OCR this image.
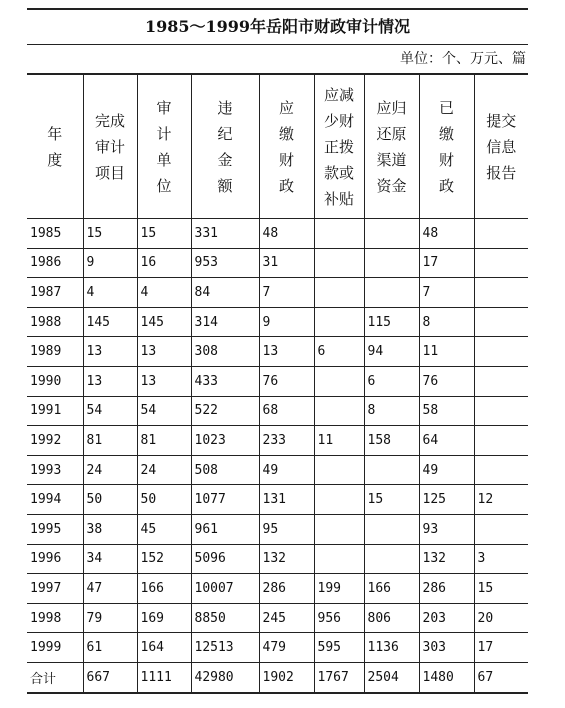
1985～1999年岳阳市财政审计情况
单位：个、万元、篇
年
度	完成
审计
项目	审
计
单
位	违
纪
金
额	应
缴
财
政	应减
少财
正拨
款或
补贴	应归
还原
渠道
资金	已
缴
财
政	提交
信息
报告

1985	15	15	331	48			48	
1986	9	16	953	31			17	
1987	4	4	84	7			7	
1988	145	145	314	9		115	8	
1989	13	13	308	13	6	94	11	
1990	13	13	433	76		6	76	
1991	54	54	522	68		8	58	
1992	81	81	1023	233	11	158	64	
1993	24	24	508	49			49	
1994	50	50	1077	131		15	125	12
1995	38	45	961	95			93	
1996	34	152	5096	132			132	3
1997	47	166	10007	286	199	166	286	15
1998	79	169	8850	245	956	806	203	20
1999	61	164	12513	479	595	1136	303	17
合计	667	1111	42980	1902	1767	2504	1480	67
